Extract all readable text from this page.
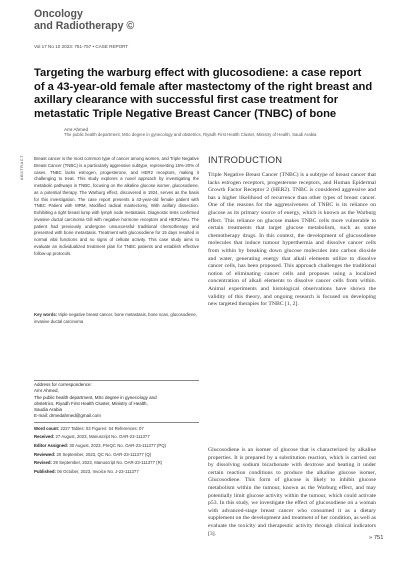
Oncology
and Radiotherapy ©
Vol 17 No 10 2023: 751-757 • CASE REPORT
Targeting the warburg effect with glucosodiene: a case report of a 43-year-old female after mastectomy of the right breast and axillary clearance with successful first case treatment for metastatic Triple Negative Breast Cancer (TNBC) of bone
Amr Ahmed
The public health department, MSc degree in gynecology and obstetrics, Riyadh First Health Cluster, Ministry of Health, Saudi Arabia
ABSTRACT Breast cancer is the most common type of cancer among women, and Triple Negative Breast Cancer (TNBC) is a particularly aggressive subtype, representing 15%-20% of cases. TNBC lacks estrogen, progesterone, and HER2 receptors, making it challenging to treat. This study explores a novel approach by investigating the metabolic pathways in TNBC, focusing on the alkaline glucose isomer, glucosodiene, as a potential therapy. The Warburg effect, discovered in 1924, serves as the basis for this investigation. The case report presents a 43-year-old female patient with TNBC Patient with MRM, Modified radical mastectomy, With axillary dissection. Exhibiting a right breast lump with lymph node metastasis. Diagnostic tests confirmed invasive ductal carcinoma Gill with negative hormone receptors and HER2/neu. The patient had previously undergone unsuccessful traditional chemotherapy and presented with bone metastasis. Treatment with glucosodiene for 15 days resulted in normal vital functions and no signs of cellular activity. This case study aims to evaluate an individualized treatment plan for TNBC patients and establish effective follow-up protocols.
Key words: triple negative breast cancer, bone metastasis, bone scan, glucosodiene, invasive ductal carcinoma
Address for correspondence:
Amr Ahmed,
The public health department, MSc degree in gynecology and
obstetrics, Riyadh First Health Cluster, Ministry of Health,
Saudia Arabia
E-mail: drmedahmed@gmail.com
Word count: 2227 Tables: 03 Figures: 04 References: 07
Received: 27 August, 2023, Manuscript No. OAR-23-111377
Editor Assigned: 30 August, 2023, PreQC No. OAR-23-111377 (PQ)
Reviewed: 20 September, 2023, QC No. OAR-23-111377 (Q)
Revised: 29 September, 2023, Manuscript No. OAR-23-111377 (R)
Published: 06 October, 2023, Invoice No. J-23-111377
INTRODUCTION
Triple Negative Breast Cancer (TNBC) is a subtype of breast cancer that lacks estrogen receptors, progesterone receptors, and Human Epidermal Growth Factor Receptor 2 (HER2). TNBC is considered aggressive and has a higher likelihood of recurrence than other types of breast cancer. One of the reasons for the aggressiveness of TNBC is its reliance on glucose as its primary source of energy, which is known as the Warburg effect. This reliance on glucose makes TNBC cells more vulnerable to certain treatments that target glucose metabolism, such as some chemotherapy drugs. In this context, the development of glucosodiene molecules that induce tumour hyperthermia and dissolve cancer cells from within by breaking down glucose molecules into carbon dioxide and water, generating energy that alkali elements utilize to dissolve cancer cells, has been proposed. This approach challenges the traditional notion of eliminating cancer cells and proposes using a localized concentration of alkali elements to dissolve cancer cells from within. Animal experiments and histological observations have shown the validity of this theory, and ongoing research is focused on developing new targeted therapies for TNBC [1, 2].
Glucosodiene is an isomer of glucose that is characterized by alkaline properties. It is prepared by a substitution reaction, which is carried out by dissolving sodium bicarbonate with dextrose and heating it under certain reaction conditions to produce the alkaline glucose isomer, Glucosodiene. This form of glucose is likely to inhibit glucose metabolism within the tumour, known as the Warburg effect, and may potentially limit glucose activity within the tumour, which could activate p53. In this study, we investigate the effect of glucosodiene on a woman with advanced-stage breast cancer who consumed it as a dietary supplement on the development and treatment of her condition, as well as evaluate the toxicity and therapeutic activity through clinical indicators [3].
» 751
